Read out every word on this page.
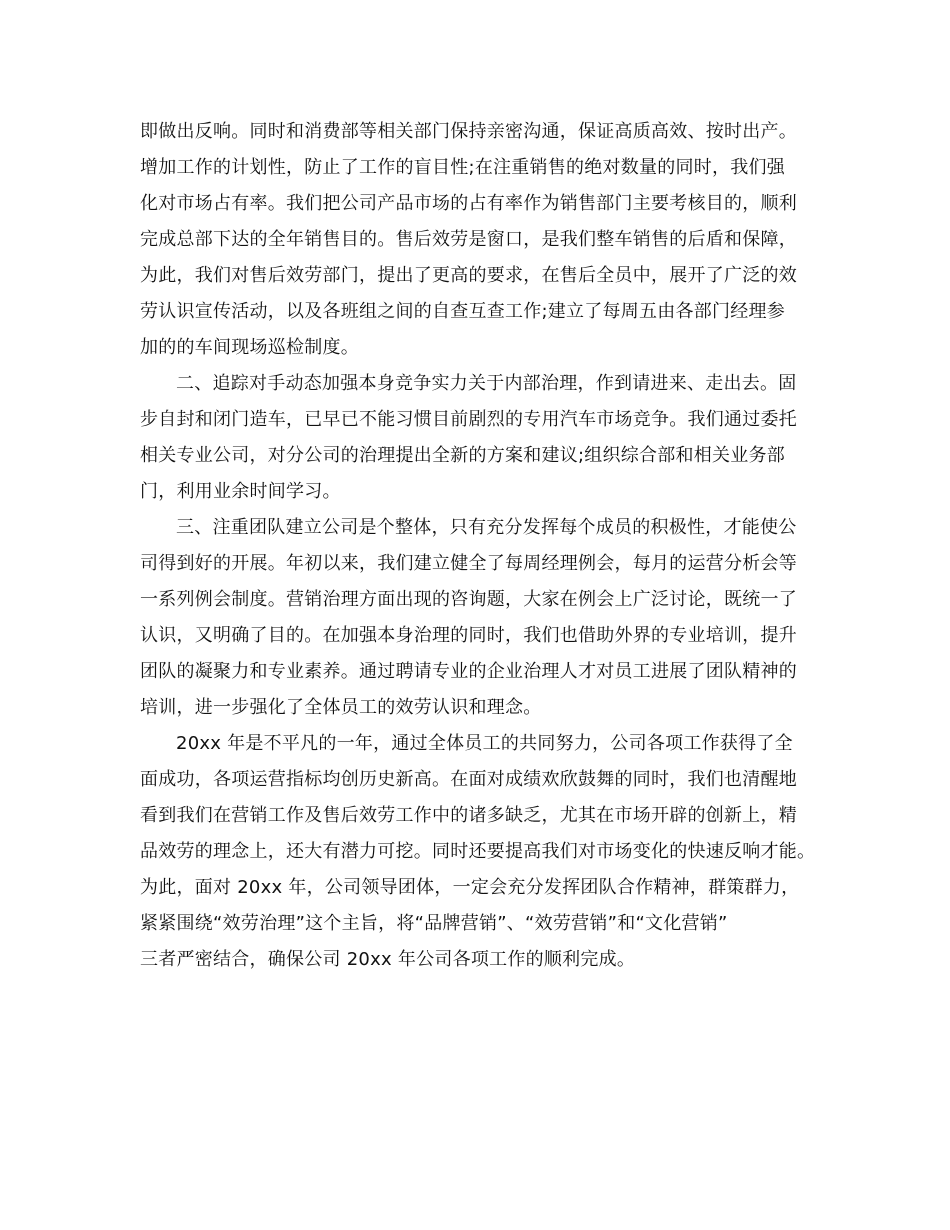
即做出反响。同时和消费部等相关部门保持亲密沟通，保证高质高效、按时出产。
增加工作的计划性，防止了工作的盲目性;在注重销售的绝对数量的同时，我们强
化对市场占有率。我们把公司产品市场的占有率作为销售部门主要考核目的，顺利
完成总部下达的全年销售目的。售后效劳是窗口，是我们整车销售的后盾和保障，
为此，我们对售后效劳部门，提出了更高的要求，在售后全员中，展开了广泛的效
劳认识宣传活动，以及各班组之间的自查互查工作;建立了每周五由各部门经理参
加的的车间现场巡检制度。
二、追踪对手动态加强本身竞争实力关于内部治理，作到请进来、走出去。固
步自封和闭门造车，已早已不能习惯目前剧烈的专用汽车市场竞争。我们通过委托
相关专业公司，对分公司的治理提出全新的方案和建议;组织综合部和相关业务部
门，利用业余时间学习。
三、注重团队建立公司是个整体，只有充分发挥每个成员的积极性，才能使公
司得到好的开展。年初以来，我们建立健全了每周经理例会，每月的运营分析会等
一系列例会制度。营销治理方面出现的咨询题，大家在例会上广泛讨论，既统一了
认识，又明确了目的。在加强本身治理的同时，我们也借助外界的专业培训，提升
团队的凝聚力和专业素养。通过聘请专业的企业治理人才对员工进展了团队精神的
培训，进一步强化了全体员工的效劳认识和理念。
20xx 年是不平凡的一年，通过全体员工的共同努力，公司各项工作获得了全
面成功，各项运营指标均创历史新高。在面对成绩欢欣鼓舞的同时，我们也清醒地
看到我们在营销工作及售后效劳工作中的诸多缺乏，尤其在市场开辟的创新上，精
品效劳的理念上，还大有潜力可挖。同时还要提高我们对市场变化的快速反响才能。
为此，面对 20xx 年，公司领导团体，一定会充分发挥团队合作精神，群策群力，
紧紧围绕“效劳治理”这个主旨，将“品牌营销”、“效劳营销”和“文化营销”
三者严密结合，确保公司 20xx 年公司各项工作的顺利完成。
